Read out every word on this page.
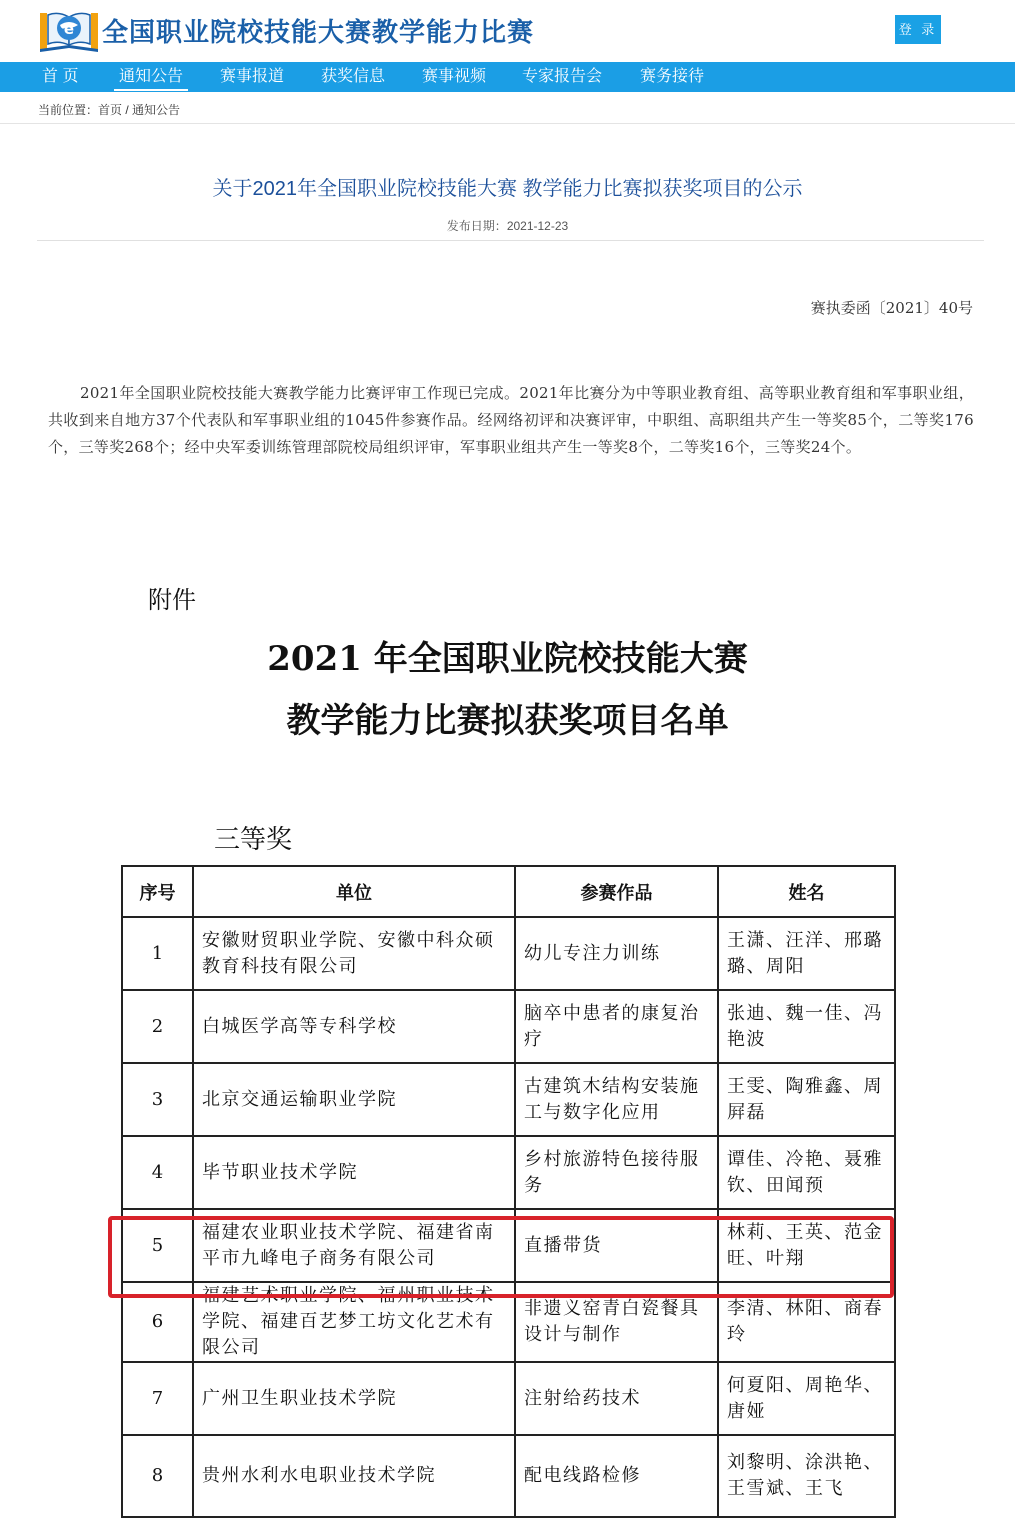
e 全国职业院校技能大赛教学能力比赛	登 录
首 页	通知公告	赛事报道 获奖信息 赛事视频 专家报告会 赛务接待
当前位置：首页 / 通知公告
关于2021年全国职业院校技能大赛 教学能力比赛拟获奖项目的公示
发布日期：2021-12-23
赛执委函〔2021〕40号
2021年全国职业院校技能大赛教学能力比赛评审工作现已完成。2021年比赛分为中等职业教育组、高等职业教育组和军事职业组，共收到来自地方37个代表队和军事职业组的1045件参赛作品。经网络初评和决赛评审，中职组、高职组共产生一等奖85个，二等奖176个，三等奖268个；经中央军委训练管理部院校局组织评审，军事职业组共产生一等奖8个，二等奖16个，三等奖24个。
附件
2021 年全国职业院校技能大赛
教学能力比赛拟获奖项目名单
三等奖
序号	单位	参赛作品	姓名
1	安徽财贸职业学院、安徽中科众硕教育科技有限公司	幼儿专注力训练	王潇、汪洋、邢璐璐、周阳
2	白城医学高等专科学校	脑卒中患者的康复治疗	张迪、魏一佳、冯艳波
3	北京交通运输职业学院	古建筑木结构安装施工与数字化应用	王雯、陶雅鑫、周屛磊
4	毕节职业技术学院	乡村旅游特色接待服务	谭佳、冷艳、聂雅钦、田闻预
5	福建农业职业技术学院、福建省南平市九峰电子商务有限公司	直播带货	林莉、王英、范金旺、叶翔
6	福建艺术职业学院、福州职业技术学院、福建百艺梦工坊文化艺术有限公司	非遗义窑青白瓷餐具设计与制作	李清、林阳、商春玲
7	广州卫生职业技术学院	注射给药技术	何夏阳、周艳华、唐娅
8	贵州水利水电职业技术学院	配电线路检修	刘黎明、涂洪艳、王雪斌、王飞
